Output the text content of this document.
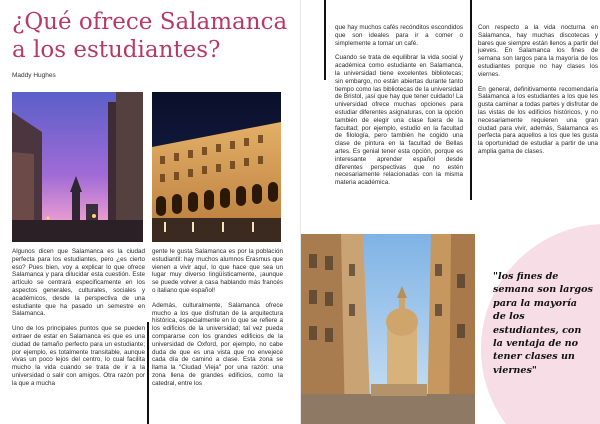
¿Qué ofrece Salamanca a los estudiantes?
Maddy Hughes

Algunos dicen que Salamanca es la ciudad perfecta para los estudiantes, pero ¿es cierto eso? Pues bien, voy a explicar lo que ofrece Salamanca y para dilucidar esta cuestión. Este artículo se centrará especificamente en los aspectos generales, culturales, sociales y académicos, desde la perspectiva de una estudiante que ha pasado un semestre en Salamanca.

Uno de los principales puntos que se pueden extraer de estar en Salamanca es que es una ciudad de tamaño perfecto para un estudiante; por ejemplo, es totalmente transitable, aunque vivas un poco lejos del centro, lo cual facilita mucho la vida cuando se trata de ir a la universidad o salir con amigos. Otra razón por la que a mucha

gente le gusta Salamanca es por la población estudiantil: hay muchos alumnos Erasmus que vienen a vivir aquí, lo que hace que sea un lugar muy diverso lingüísticamente, ¡aunque se puede volver a casa hablando más francés o italiano que español!

Además, culturalmente, Salamanca ofrece mucho a los que disfrutan de la arquitectura histórica, especialmente en lo que se refiere a los edificios de la universidad; tal vez pueda compararse con los grandes edificios de la universidad de Oxford, por ejemplo, no cabe duda de que es una vista que no envejece cada día de camino a clase. Esta zona se llama la "Ciudad Vieja" por una razón: una zona llena de grandes edificios, como la catedral, entre los

que hay muchos cafés recónditos escondidos que son ideales para ir a comer o simplemente a tomar un café.

Cuando se trata de equilibrar la vida social y académica como estudiante en Salamanca, la universidad tiene excelentes bibliotecas; sin embargo, no están abiertas durante tanto tiempo como las bibliotecas de la universidad de Bristol, ¡así que hay que tener cuidado! La universidad ofrece muchas opciones para estudiar diferentes asignaturas, con la opción también de elegir una clase fuera de la facultad; por ejemplo, estudio en la facultad de filología, pero también he cogido una clase de pintura en la facultad de Bellas artes. Es genial tener esta opción, porque es interesante aprender español desde diferentes perspectivas que no estén necesariamente relacionadas con la misma materia académica.

Con respecto a la vida nocturna en Salamanca, hay muchas discotecas y bares que siempre están llenos a partir del jueves. En Salamanca los fines de semana son largos para la mayoría de los estudiantes porque no hay clases los viernes.

En general, definitivamente recomendaría Salamanca a los estudiantes a los que les gusta caminar a todas partes y disfrutar de las vistas de los edificios históricos, y no necesariamente requieren una gran ciudad para vivir, además, Salamanca es perfecta para aquellos a los que les gusta la oportunidad de estudiar a partir de una amplia gama de clases.

"los fines de semana son largos para la mayoría de los estudiantes, con la ventaja de no tener clases un viernes"
